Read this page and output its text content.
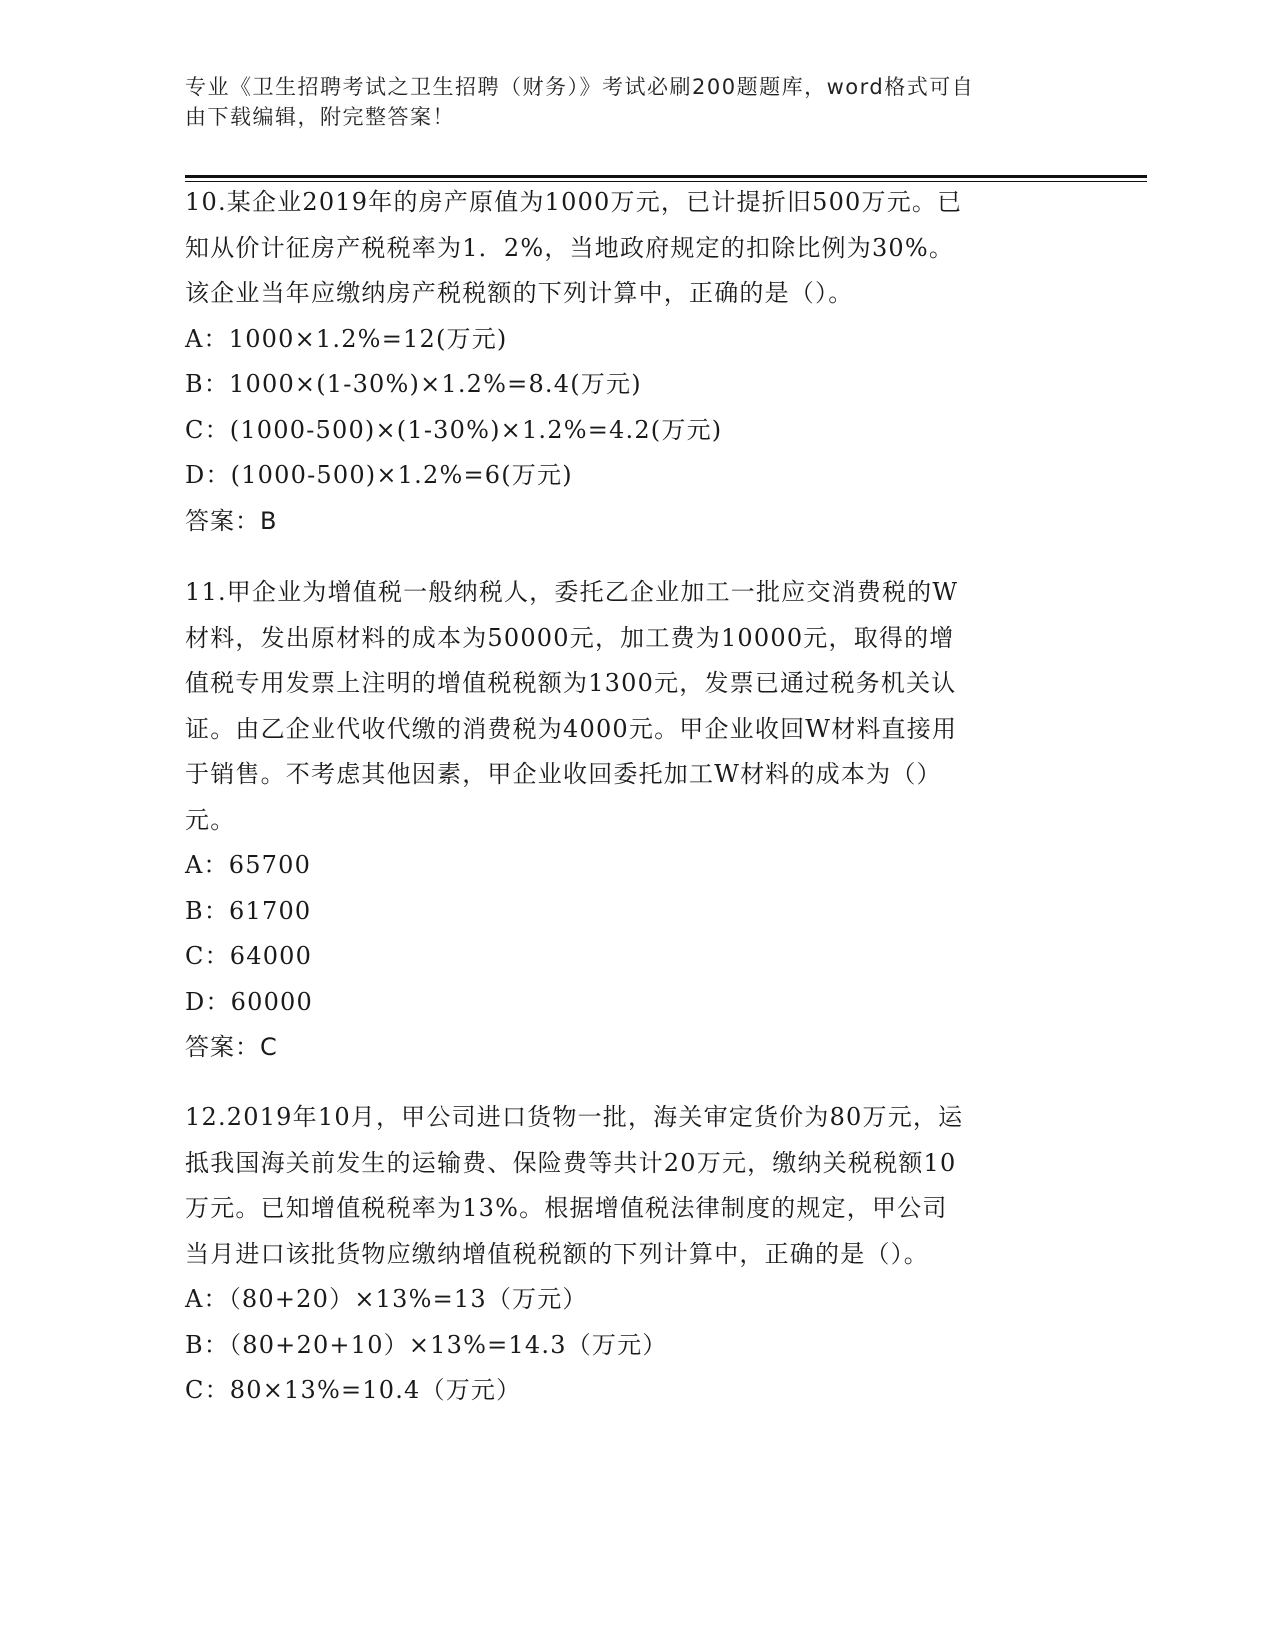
专业《卫生招聘考试之卫生招聘（财务）》考试必刷200题题库，word格式可自
由下载编辑，附完整答案！

10.某企业2019年的房产原值为1000万元，已计提折旧500万元。已

知从价计征房产税税率为1．2%，当地政府规定的扣除比例为30%。

该企业当年应缴纳房产税税额的下列计算中，正确的是（）。

A：1000×1.2%=12(万元)

B：1000×(1-30%)×1.2%=8.4(万元)

C：(1000-500)×(1-30%)×1.2%=4.2(万元)

D：(1000-500)×1.2%=6(万元)

答案：B

11.甲企业为增值税一般纳税人，委托乙企业加工一批应交消费税的W

材料，发出原材料的成本为50000元，加工费为10000元，取得的增

值税专用发票上注明的增值税税额为1300元，发票已通过税务机关认

证。由乙企业代收代缴的消费税为4000元。甲企业收回W材料直接用

于销售。不考虑其他因素，甲企业收回委托加工W材料的成本为（）

元。

A：65700

B：61700

C：64000

D：60000

答案：C

12.2019年10月，甲公司进口货物一批，海关审定货价为80万元，运

抵我国海关前发生的运输费、保险费等共计20万元，缴纳关税税额10

万元。已知增值税税率为13%。根据增值税法律制度的规定，甲公司

当月进口该批货物应缴纳增值税税额的下列计算中，正确的是（）。

A：（80+20）×13%=13（万元）

B：（80+20+10）×13%=14.3（万元）

C：80×13%=10.4（万元）
